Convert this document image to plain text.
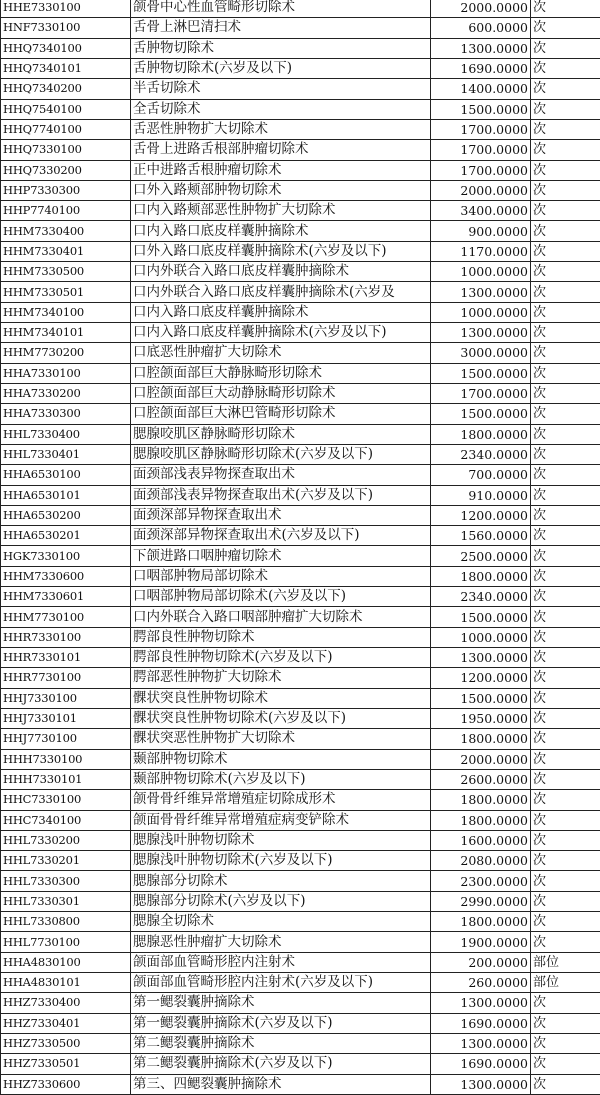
HHE7330100	颌骨中心性血管畸形切除术	2000.0000	次
HNF7330100	舌骨上淋巴清扫术	600.0000	次
HHQ7340100	舌肿物切除术	1300.0000	次
HHQ7340101	舌肿物切除术(六岁及以下)	1690.0000	次
HHQ7340200	半舌切除术	1400.0000	次
HHQ7540100	全舌切除术	1500.0000	次
HHQ7740100	舌恶性肿物扩大切除术	1700.0000	次
HHQ7330100	舌骨上进路舌根部肿瘤切除术	1700.0000	次
HHQ7330200	正中进路舌根肿瘤切除术	1700.0000	次
HHP7330300	口外入路颊部肿物切除术	2000.0000	次
HHP7740100	口内入路颊部恶性肿物扩大切除术	3400.0000	次
HHM7330400	口内入路口底皮样囊肿摘除术	900.0000	次
HHM7330401	口外入路口底皮样囊肿摘除术(六岁及以下)	1170.0000	次
HHM7330500	口内外联合入路口底皮样囊肿摘除术	1000.0000	次
HHM7330501	口内外联合入路口底皮样囊肿摘除术(六岁及	1300.0000	次
HHM7340100	口内入路口底皮样囊肿摘除术	1000.0000	次
HHM7340101	口内入路口底皮样囊肿摘除术(六岁及以下)	1300.0000	次
HHM7730200	口底恶性肿瘤扩大切除术	3000.0000	次
HHA7330100	口腔颌面部巨大静脉畸形切除术	1500.0000	次
HHA7330200	口腔颌面部巨大动静脉畸形切除术	1700.0000	次
HHA7330300	口腔颌面部巨大淋巴管畸形切除术	1500.0000	次
HHL7330400	腮腺咬肌区静脉畸形切除术	1800.0000	次
HHL7330401	腮腺咬肌区静脉畸形切除术(六岁及以下)	2340.0000	次
HHA6530100	面颈部浅表异物探查取出术	700.0000	次
HHA6530101	面颈部浅表异物探查取出术(六岁及以下)	910.0000	次
HHA6530200	面颈深部异物探查取出术	1200.0000	次
HHA6530201	面颈深部异物探查取出术(六岁及以下)	1560.0000	次
HGK7330100	下颌进路口咽肿瘤切除术	2500.0000	次
HHM7330600	口咽部肿物局部切除术	1800.0000	次
HHM7330601	口咽部肿物局部切除术(六岁及以下)	2340.0000	次
HHM7730100	口内外联合入路口咽部肿瘤扩大切除术	1500.0000	次
HHR7330100	腭部良性肿物切除术	1000.0000	次
HHR7330101	腭部良性肿物切除术(六岁及以下)	1300.0000	次
HHR7730100	腭部恶性肿物扩大切除术	1200.0000	次
HHJ7330100	髁状突良性肿物切除术	1500.0000	次
HHJ7330101	髁状突良性肿物切除术(六岁及以下)	1950.0000	次
HHJ7730100	髁状突恶性肿物扩大切除术	1800.0000	次
HHH7330100	颞部肿物切除术	2000.0000	次
HHH7330101	颞部肿物切除术(六岁及以下)	2600.0000	次
HHC7330100	颌骨骨纤维异常增殖症切除成形术	1800.0000	次
HHC7340100	颌面骨骨纤维异常增殖症病变铲除术	1800.0000	次
HHL7330200	腮腺浅叶肿物切除术	1600.0000	次
HHL7330201	腮腺浅叶肿物切除术(六岁及以下)	2080.0000	次
HHL7330300	腮腺部分切除术	2300.0000	次
HHL7330301	腮腺部分切除术(六岁及以下)	2990.0000	次
HHL7330800	腮腺全切除术	1800.0000	次
HHL7730100	腮腺恶性肿瘤扩大切除术	1900.0000	次
HHA4830100	颌面部血管畸形腔内注射术	200.0000	部位
HHA4830101	颌面部血管畸形腔内注射术(六岁及以下)	260.0000	部位
HHZ7330400	第一鳃裂囊肿摘除术	1300.0000	次
HHZ7330401	第一鳃裂囊肿摘除术(六岁及以下)	1690.0000	次
HHZ7330500	第二鳃裂囊肿摘除术	1300.0000	次
HHZ7330501	第二鳃裂囊肿摘除术(六岁及以下)	1690.0000	次
HHZ7330600	第三、四鳃裂囊肿摘除术	1300.0000	次
